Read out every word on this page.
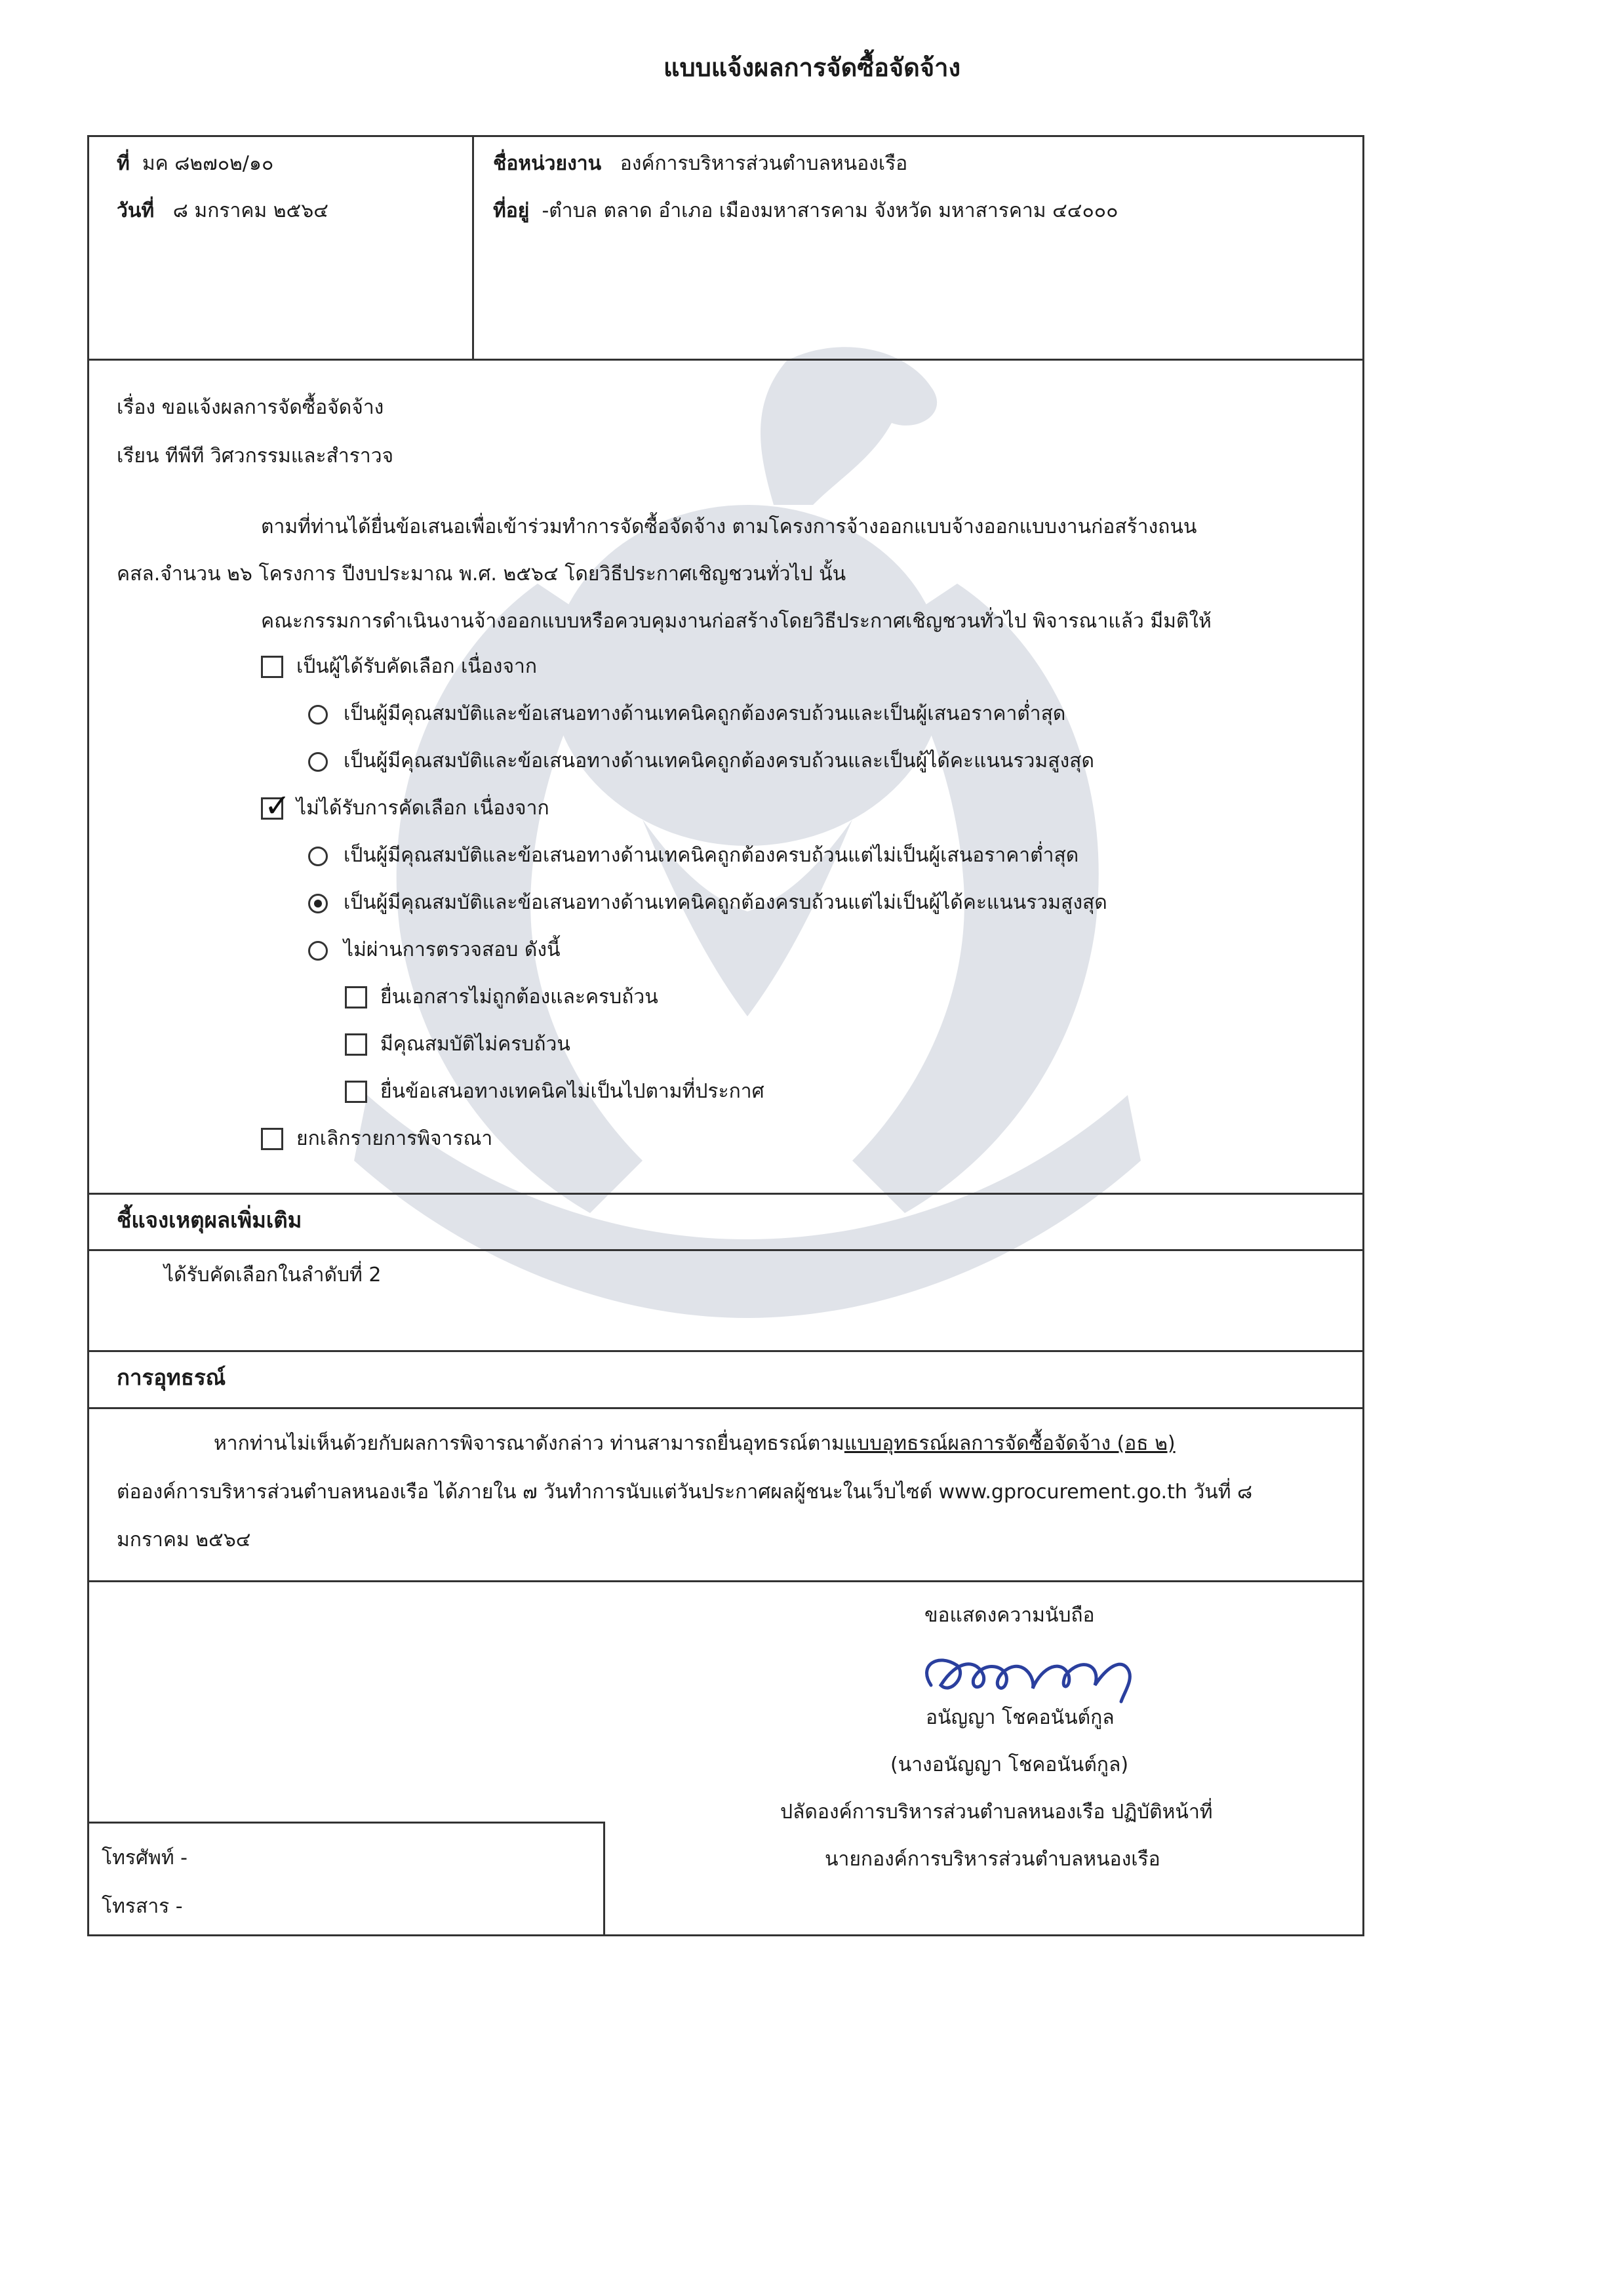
แบบแจ้งผลการจัดซื้อจัดจ้าง
ที่ มค ๘๒๗๐๒/๑๐
วันที่ ๘ มกราคม ๒๕๖๔
ชื่อหน่วยงาน องค์การบริหารส่วนตำบลหนองเรือ
ที่อยู่ -ตำบล ตลาด อำเภอ เมืองมหาสารคาม จังหวัด มหาสารคาม ๔๔๐๐๐
เรื่อง ขอแจ้งผลการจัดซื้อจัดจ้าง
เรียน ทีพีที วิศวกรรมและสำราวจ
ตามที่ท่านได้ยื่นข้อเสนอเพื่อเข้าร่วมทำการจัดซื้อจัดจ้าง ตามโครงการจ้างออกแบบจ้างออกแบบงานก่อสร้างถนน
คสล.จำนวน ๒๖ โครงการ ปีงบประมาณ พ.ศ. ๒๕๖๔ โดยวิธีประกาศเชิญชวนทั่วไป นั้น
คณะกรรมการดำเนินงานจ้างออกแบบหรือควบคุมงานก่อสร้างโดยวิธีประกาศเชิญชวนทั่วไป พิจารณาแล้ว มีมติให้
เป็นผู้ได้รับคัดเลือก เนื่องจาก
เป็นผู้มีคุณสมบัติและข้อเสนอทางด้านเทคนิคถูกต้องครบถ้วนและเป็นผู้เสนอราคาต่ำสุด
เป็นผู้มีคุณสมบัติและข้อเสนอทางด้านเทคนิคถูกต้องครบถ้วนและเป็นผู้ได้คะแนนรวมสูงสุด
✓ ไม่ได้รับการคัดเลือก เนื่องจาก
เป็นผู้มีคุณสมบัติและข้อเสนอทางด้านเทคนิคถูกต้องครบถ้วนแต่ไม่เป็นผู้เสนอราคาต่ำสุด
เป็นผู้มีคุณสมบัติและข้อเสนอทางด้านเทคนิคถูกต้องครบถ้วนแต่ไม่เป็นผู้ได้คะแนนรวมสูงสุด
ไม่ผ่านการตรวจสอบ ดังนี้
ยื่นเอกสารไม่ถูกต้องและครบถ้วน
มีคุณสมบัติไม่ครบถ้วน
ยื่นข้อเสนอทางเทคนิคไม่เป็นไปตามที่ประกาศ
ยกเลิกรายการพิจารณา
ชี้แจงเหตุผลเพิ่มเติม
ได้รับคัดเลือกในลำดับที่ 2
การอุทธรณ์
หากท่านไม่เห็นด้วยกับผลการพิจารณาดังกล่าว ท่านสามารถยื่นอุทธรณ์ตามแบบอุทธรณ์ผลการจัดซื้อจัดจ้าง (อธ ๒)
ต่อองค์การบริหารส่วนตำบลหนองเรือ ได้ภายใน ๗ วันทำการนับแต่วันประกาศผลผู้ชนะในเว็บไซต์ www.gprocurement.go.th วันที่ ๘
มกราคม ๒๕๖๔
ขอแสดงความนับถือ
อนัญญา โชคอนันต์กูล
(นางอนัญญา โชคอนันต์กูล)
ปลัดองค์การบริหารส่วนตำบลหนองเรือ ปฏิบัติหน้าที่
นายกองค์การบริหารส่วนตำบลหนองเรือ
โทรศัพท์ -
โทรสาร -
